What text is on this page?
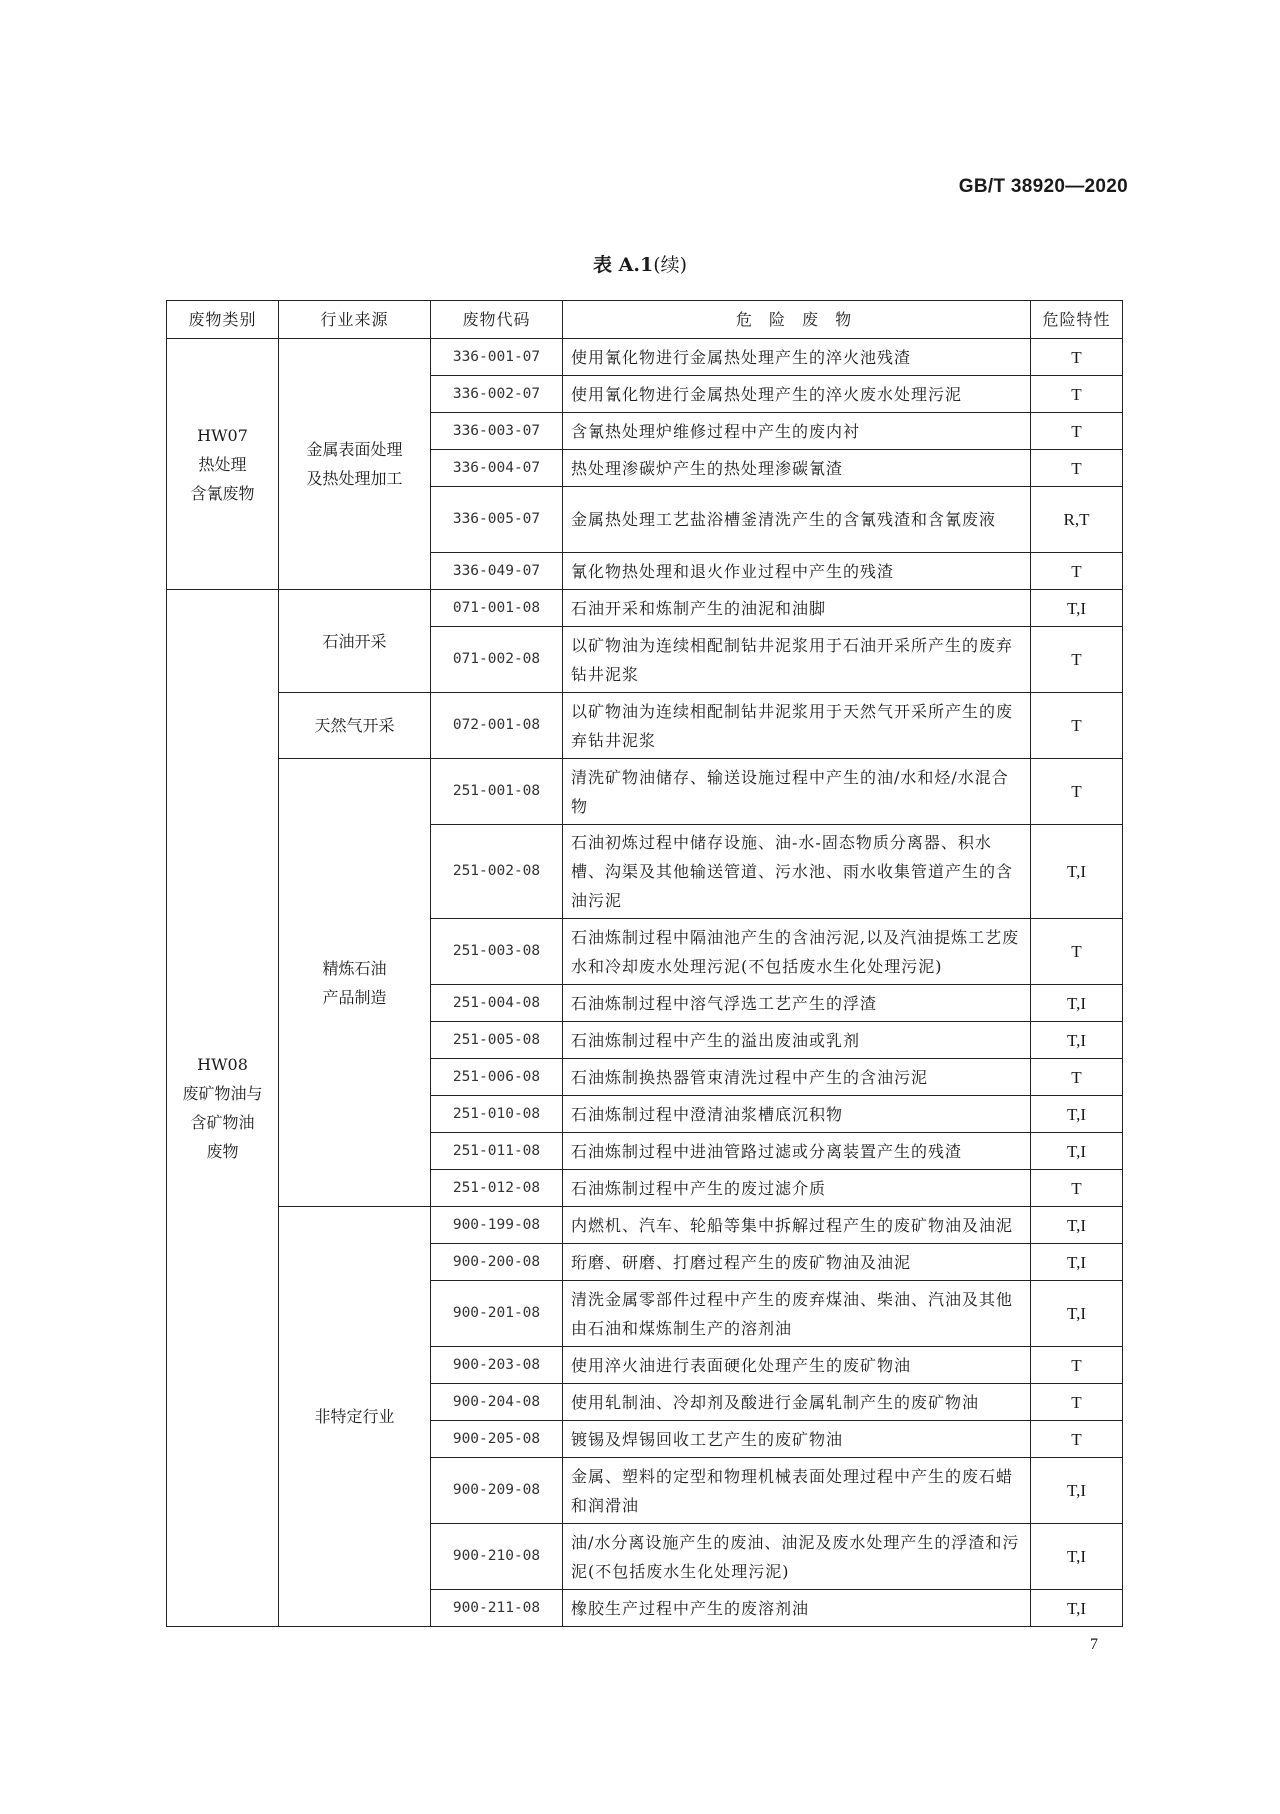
GB/T 38920—2020
表 A.1(续)
废物类别	行业来源	废物代码	危 险 废 物	危险特性

HW07
热处理
含氰废物	金属表面处理
及热处理加工	336-001-07	使用氰化物进行金属热处理产生的淬火池残渣	T
		336-002-07	使用氰化物进行金属热处理产生的淬火废水处理污泥	T
		336-003-07	含氰热处理炉维修过程中产生的废内衬	T
		336-004-07	热处理渗碳炉产生的热处理渗碳氰渣	T
		336-005-07	金属热处理工艺盐浴槽釜清洗产生的含氰残渣和含氰废液	R,T
		336-049-07	氰化物热处理和退火作业过程中产生的残渣	T

HW08
废矿物油与
含矿物油
废物	石油开采	071-001-08	石油开采和炼制产生的油泥和油脚	T,I
		071-002-08	以矿物油为连续相配制钻井泥浆用于石油开采所产生的废弃钻井泥浆	T

	天然气开采	072-001-08	以矿物油为连续相配制钻井泥浆用于天然气开采所产生的废弃钻井泥浆	T

	精炼石油
产品制造	251-001-08	清洗矿物油储存、输送设施过程中产生的油/水和烃/水混合物	T
		251-002-08	石油初炼过程中储存设施、油-水-固态物质分离器、积水槽、沟渠及其他输送管道、污水池、雨水收集管道产生的含油污泥	T,I
		251-003-08	石油炼制过程中隔油池产生的含油污泥,以及汽油提炼工艺废水和冷却废水处理污泥(不包括废水生化处理污泥)	T
		251-004-08	石油炼制过程中溶气浮选工艺产生的浮渣	T,I
		251-005-08	石油炼制过程中产生的溢出废油或乳剂	T,I
		251-006-08	石油炼制换热器管束清洗过程中产生的含油污泥	T
		251-010-08	石油炼制过程中澄清油浆槽底沉积物	T,I
		251-011-08	石油炼制过程中进油管路过滤或分离装置产生的残渣	T,I
		251-012-08	石油炼制过程中产生的废过滤介质	T

	非特定行业	900-199-08	内燃机、汽车、轮船等集中拆解过程产生的废矿物油及油泥	T,I
		900-200-08	珩磨、研磨、打磨过程产生的废矿物油及油泥	T,I
		900-201-08	清洗金属零部件过程中产生的废弃煤油、柴油、汽油及其他由石油和煤炼制生产的溶剂油	T,I
		900-203-08	使用淬火油进行表面硬化处理产生的废矿物油	T
		900-204-08	使用轧制油、冷却剂及酸进行金属轧制产生的废矿物油	T
		900-205-08	镀锡及焊锡回收工艺产生的废矿物油	T
		900-209-08	金属、塑料的定型和物理机械表面处理过程中产生的废石蜡和润滑油	T,I
		900-210-08	油/水分离设施产生的废油、油泥及废水处理产生的浮渣和污泥(不包括废水生化处理污泥)	T,I
		900-211-08	橡胶生产过程中产生的废溶剂油	T,I
7
